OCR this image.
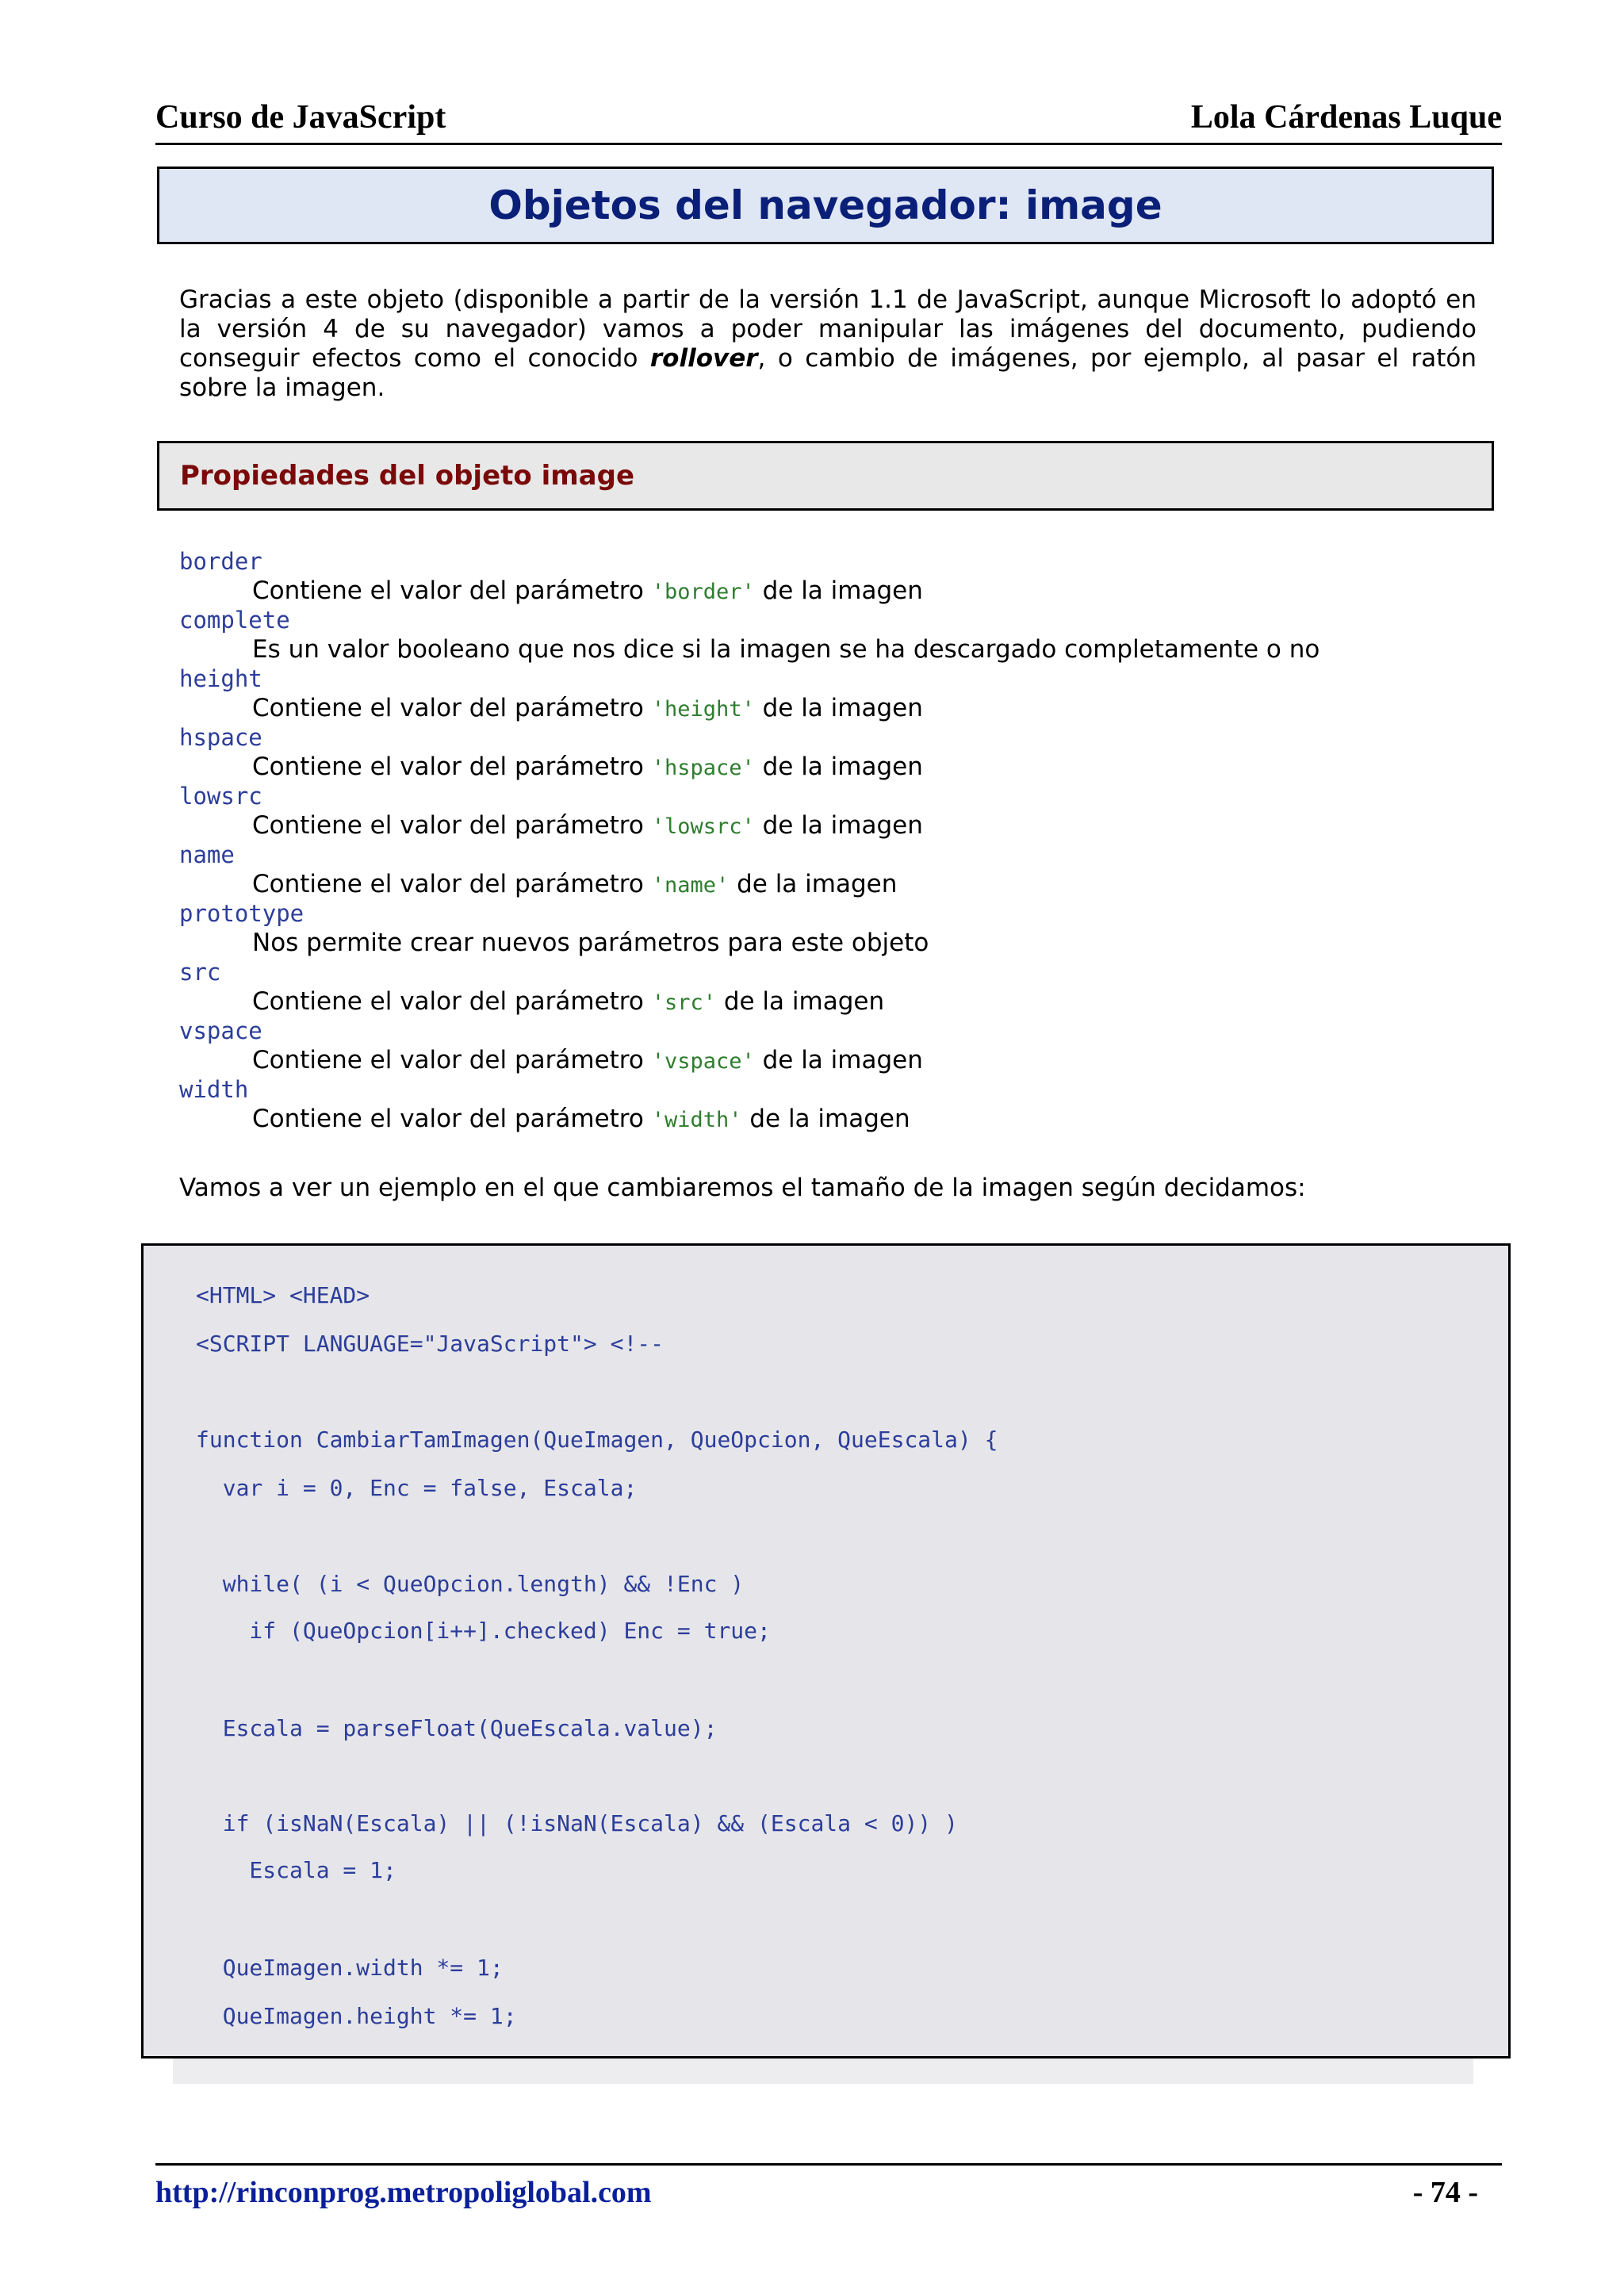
Curso de JavaScript	Lola Cárdenas Luque
Objetos del navegador: image
Gracias a este objeto (disponible a partir de la versión 1.1 de JavaScript, aunque Microsoft lo adoptó en la versión 4 de su navegador) vamos a poder manipular las imágenes del documento, pudiendo conseguir efectos como el conocido rollover, o cambio de imágenes, por ejemplo, al pasar el ratón sobre la imagen.
Propiedades del objeto image
border
Contiene el valor del parámetro 'border' de la imagen
complete
Es un valor booleano que nos dice si la imagen se ha descargado completamente o no
height
Contiene el valor del parámetro 'height' de la imagen
hspace
Contiene el valor del parámetro 'hspace' de la imagen
lowsrc
Contiene el valor del parámetro 'lowsrc' de la imagen
name
Contiene el valor del parámetro 'name' de la imagen
prototype
Nos permite crear nuevos parámetros para este objeto
src
Contiene el valor del parámetro 'src' de la imagen
vspace
Contiene el valor del parámetro 'vspace' de la imagen
width
Contiene el valor del parámetro 'width' de la imagen
Vamos a ver un ejemplo en el que cambiaremos el tamaño de la imagen según decidamos:
<HTML> <HEAD>
<SCRIPT LANGUAGE="JavaScript"> <!--
function CambiarTamImagen(QueImagen, QueOpcion, QueEscala) {
var i = 0, Enc = false, Escala;
while( (i < QueOpcion.length) && !Enc )
if (QueOpcion[i++].checked) Enc = true;
Escala = parseFloat(QueEscala.value);
if (isNaN(Escala) || (!isNaN(Escala) && (Escala < 0)) )
Escala = 1;
QueImagen.width *= 1;
QueImagen.height *= 1;
http://rinconprog.metropoliglobal.com	- 74 -
